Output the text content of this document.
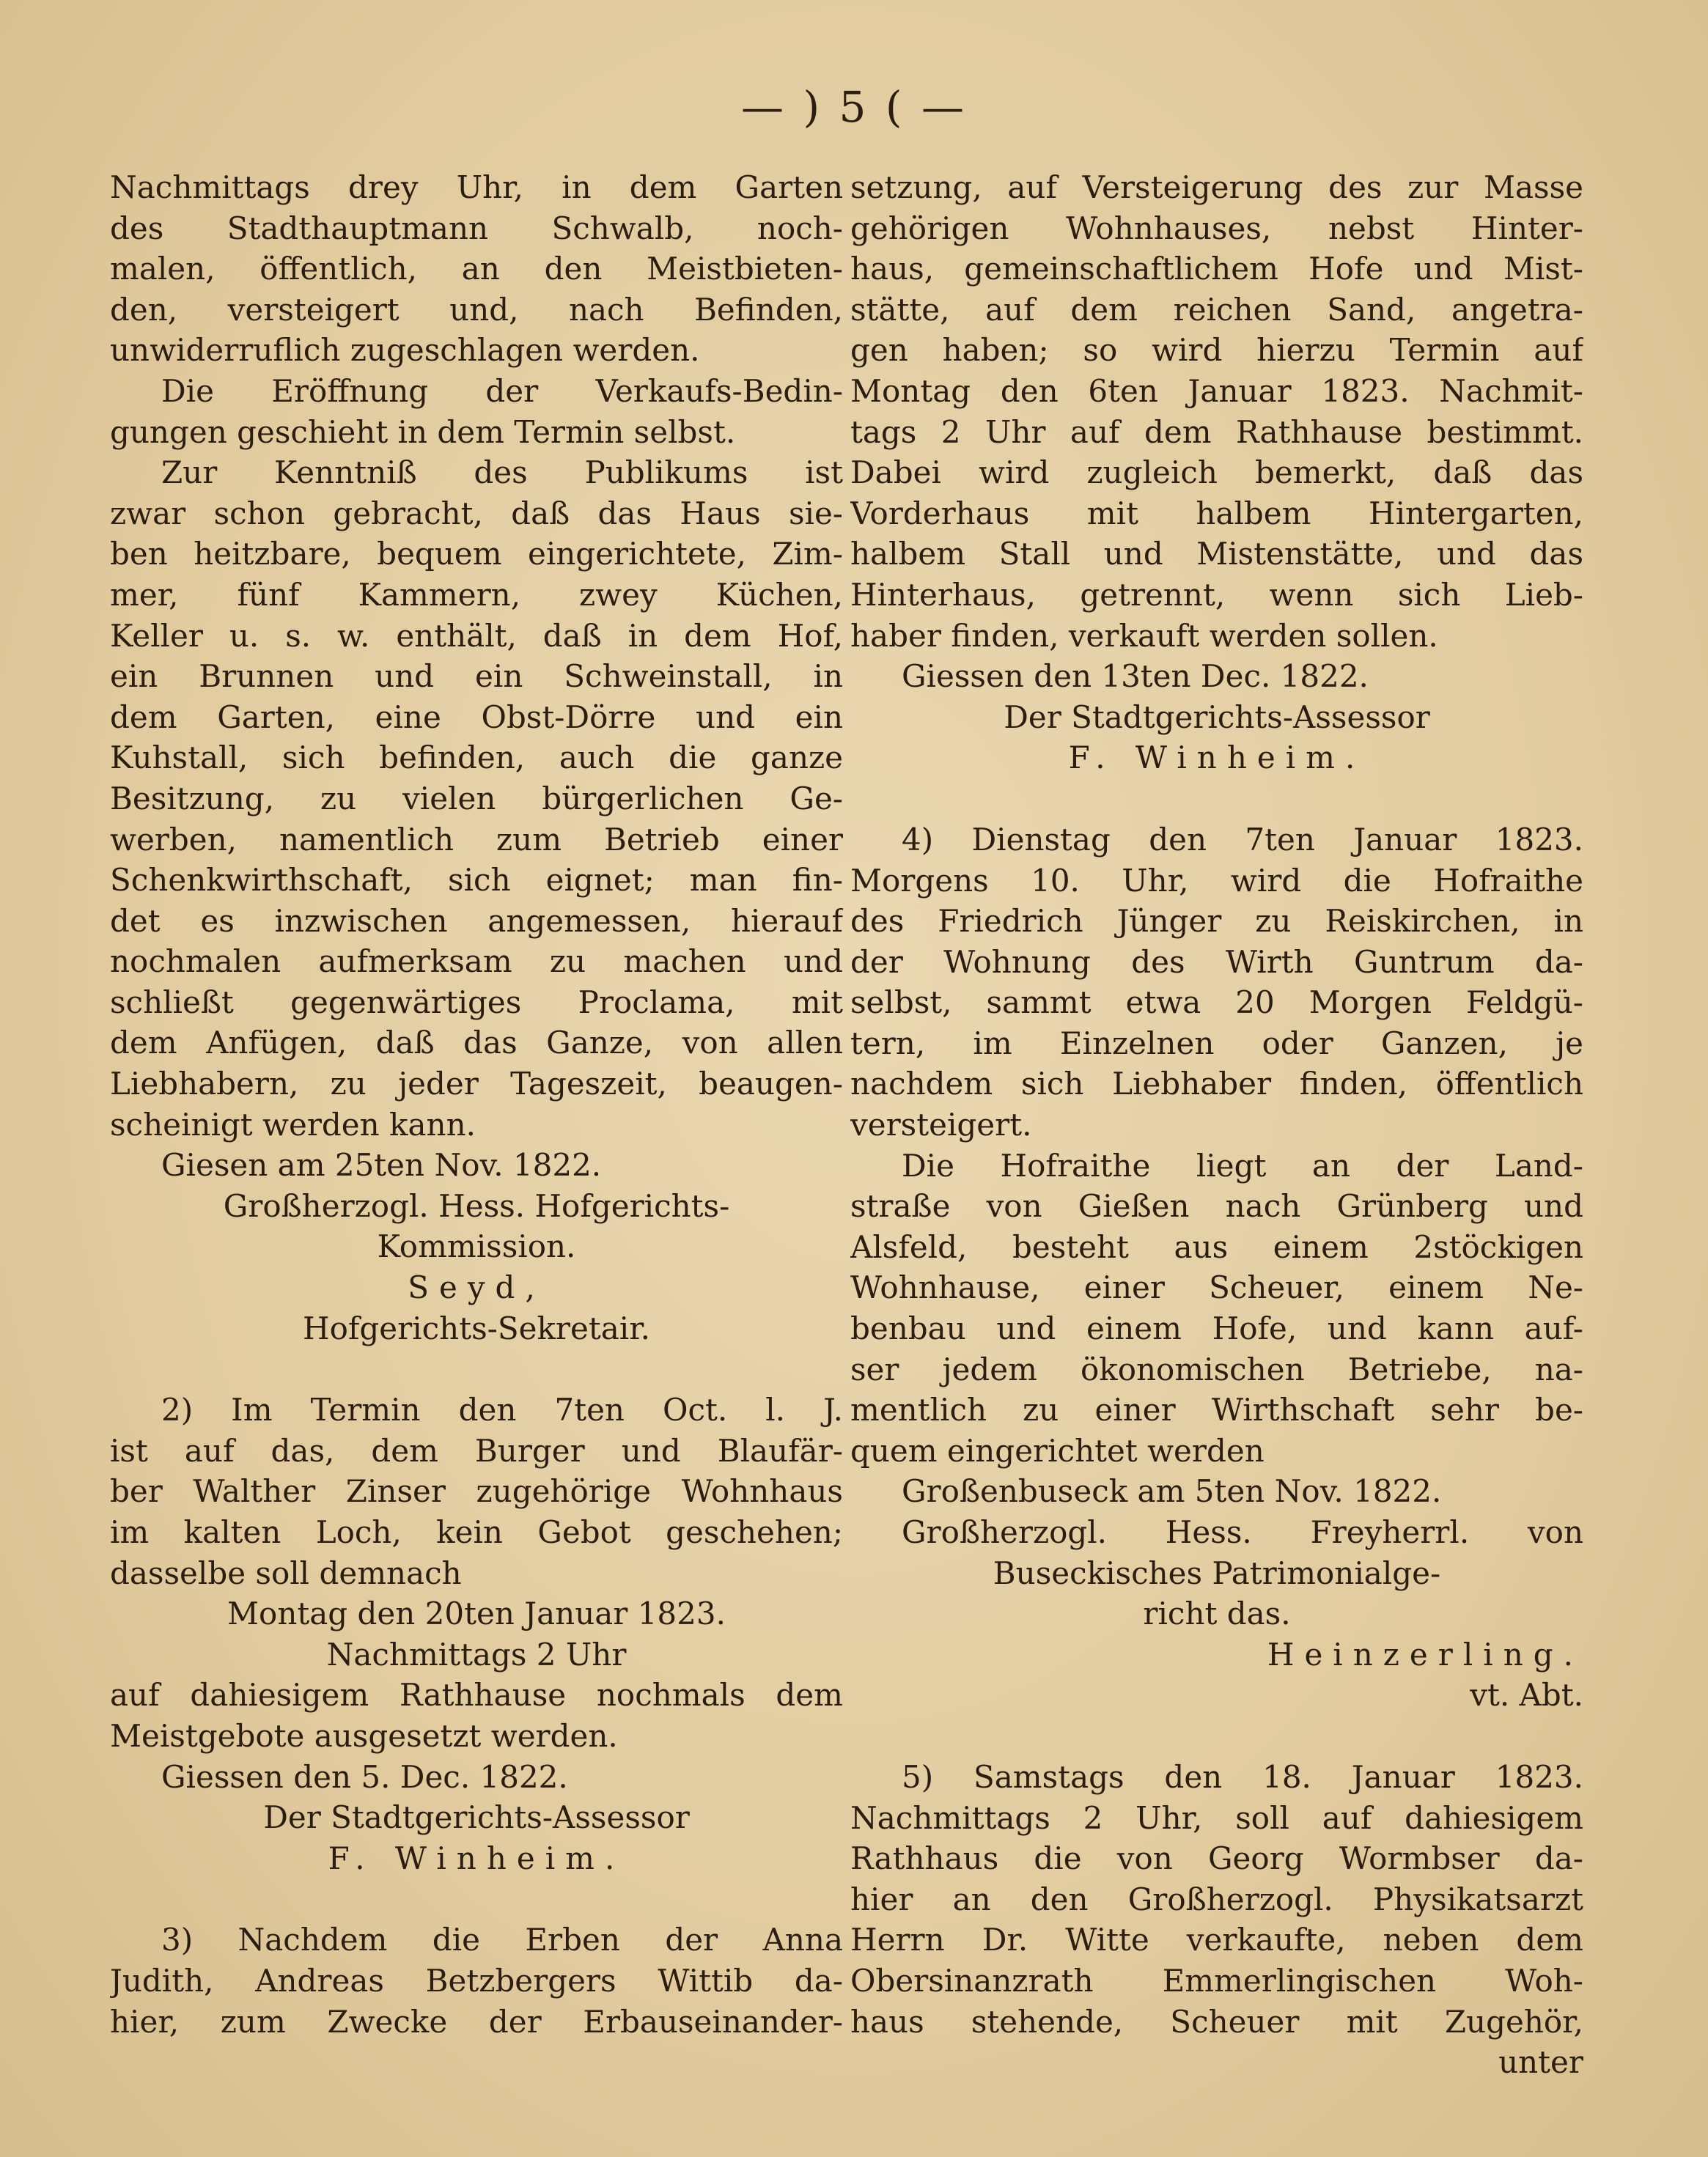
— ) 5 ( —
Nachmittags drey Uhr, in dem Garten
des Stadthauptmann Schwalb, noch-
malen, öffentlich, an den Meistbieten-
den, versteigert und, nach Befinden,
unwiderruflich zugeschlagen werden.
Die Eröffnung der Verkaufs-Bedin-
gungen geschieht in dem Termin selbst.
Zur Kenntniß des Publikums ist
zwar schon gebracht, daß das Haus sie-
ben heitzbare, bequem eingerichtete, Zim-
mer, fünf Kammern, zwey Küchen,
Keller u. s. w. enthält, daß in dem Hof,
ein Brunnen und ein Schweinstall, in
dem Garten, eine Obst-Dörre und ein
Kuhstall, sich befinden, auch die ganze
Besitzung, zu vielen bürgerlichen Ge-
werben, namentlich zum Betrieb einer
Schenkwirthschaft, sich eignet; man fin-
det es inzwischen angemessen, hierauf
nochmalen aufmerksam zu machen und
schließt gegenwärtiges Proclama, mit
dem Anfügen, daß das Ganze, von allen
Liebhabern, zu jeder Tageszeit, beaugen-
scheinigt werden kann.
Giesen am 25ten Nov. 1822.
Großherzogl. Hess. Hofgerichts-
Kommission.
Seyd,
Hofgerichts-Sekretair.
2) Im Termin den 7ten Oct. l. J.
ist auf das, dem Burger und Blaufär-
ber Walther Zinser zugehörige Wohnhaus
im kalten Loch, kein Gebot geschehen;
dasselbe soll demnach
Montag den 20ten Januar 1823.
Nachmittags 2 Uhr
auf dahiesigem Rathhause nochmals dem
Meistgebote ausgesetzt werden.
Giessen den 5. Dec. 1822.
Der Stadtgerichts-Assessor
F. Winheim.
3) Nachdem die Erben der Anna
Judith, Andreas Betzbergers Wittib da-
hier, zum Zwecke der Erbauseinander-
setzung, auf Versteigerung des zur Masse
gehörigen Wohnhauses, nebst Hinter-
haus, gemeinschaftlichem Hofe und Mist-
stätte, auf dem reichen Sand, angetra-
gen haben; so wird hierzu Termin auf
Montag den 6ten Januar 1823. Nachmit-
tags 2 Uhr auf dem Rathhause bestimmt.
Dabei wird zugleich bemerkt, daß das
Vorderhaus mit halbem Hintergarten,
halbem Stall und Mistenstätte, und das
Hinterhaus, getrennt, wenn sich Lieb-
haber finden, verkauft werden sollen.
Giessen den 13ten Dec. 1822.
Der Stadtgerichts-Assessor
F. Winheim.
4) Dienstag den 7ten Januar 1823.
Morgens 10. Uhr, wird die Hofraithe
des Friedrich Jünger zu Reiskirchen, in
der Wohnung des Wirth Guntrum da-
selbst, sammt etwa 20 Morgen Feldgü-
tern, im Einzelnen oder Ganzen, je
nachdem sich Liebhaber finden, öffentlich
versteigert.
Die Hofraithe liegt an der Land-
straße von Gießen nach Grünberg und
Alsfeld, besteht aus einem 2stöckigen
Wohnhause, einer Scheuer, einem Ne-
benbau und einem Hofe, und kann auf-
ser jedem ökonomischen Betriebe, na-
mentlich zu einer Wirthschaft sehr be-
quem eingerichtet werden
Großenbuseck am 5ten Nov. 1822.
Großherzogl. Hess. Freyherrl. von
Buseckisches Patrimonialge-
richt das.
Heinzerling.
vt. Abt.
5) Samstags den 18. Januar 1823.
Nachmittags 2 Uhr, soll auf dahiesigem
Rathhaus die von Georg Wormbser da-
hier an den Großherzogl. Physikatsarzt
Herrn Dr. Witte verkaufte, neben dem
Obersinanzrath Emmerlingischen Woh-
haus stehende, Scheuer mit Zugehör,
unter
